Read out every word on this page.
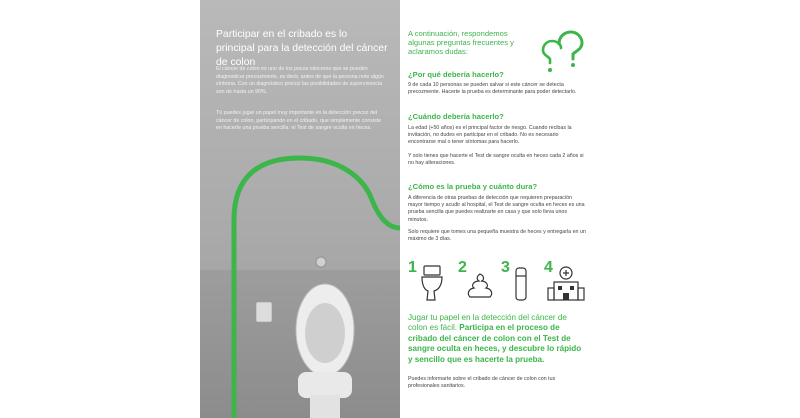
Participar en el cribado es lo principal para la detección del cáncer de colon

El cáncer de colon es uno de los pocos cánceres que se pueden diagnosticar precozmente, es decir, antes de que la persona note algún síntoma. Con un diagnóstico precoz las posibilidades de supervivencia son de hasta un 90%.

Tú puedes jugar un papel muy importante en la detección precoz del cáncer de colon, participando en el cribado, que simplemente consiste en hacerte una prueba sencilla: el Test de sangre oculta en heces.

A continuación, respondemos algunas preguntas frecuentes y aclaramos dudas:

¿Por qué debería hacerlo?

9 de cada 10 personas se pueden salvar si este cáncer se detecta precozmente. Hacerte la prueba es determinante para poder detectarlo.

¿Cuándo debería hacerlo?

La edad (+50 años) es el principal factor de riesgo. Cuando recibas la invitación, no dudes en participar en el cribado. No es necesario encontrarse mal o tener síntomas para hacerlo.

Y solo tienes que hacerte el Test de sangre oculta en heces cada 2 años si no hay alteraciones.

¿Cómo es la prueba y cuánto dura?

A diferencia de otras pruebas de detección que requieren preparación mayor tiempo y acudir al hospital, el Test de sangre oculta en heces es una prueba sencilla que puedes realizarte en casa y que solo lleva unos minutos.

Solo requiere que tomes una pequeña muestra de heces y entregarla en un máximo de 3 días.

1	2 3 4

Jugar tu papel en la detección del cáncer de colon es fácil. Participa en el proceso de cribado del cáncer de colon con el Test de sangre oculta en heces, y descubre lo rápido y sencillo que es hacerte la prueba.

Puedes informarte sobre el cribado de cáncer de colon con tus profesionales sanitarios.
